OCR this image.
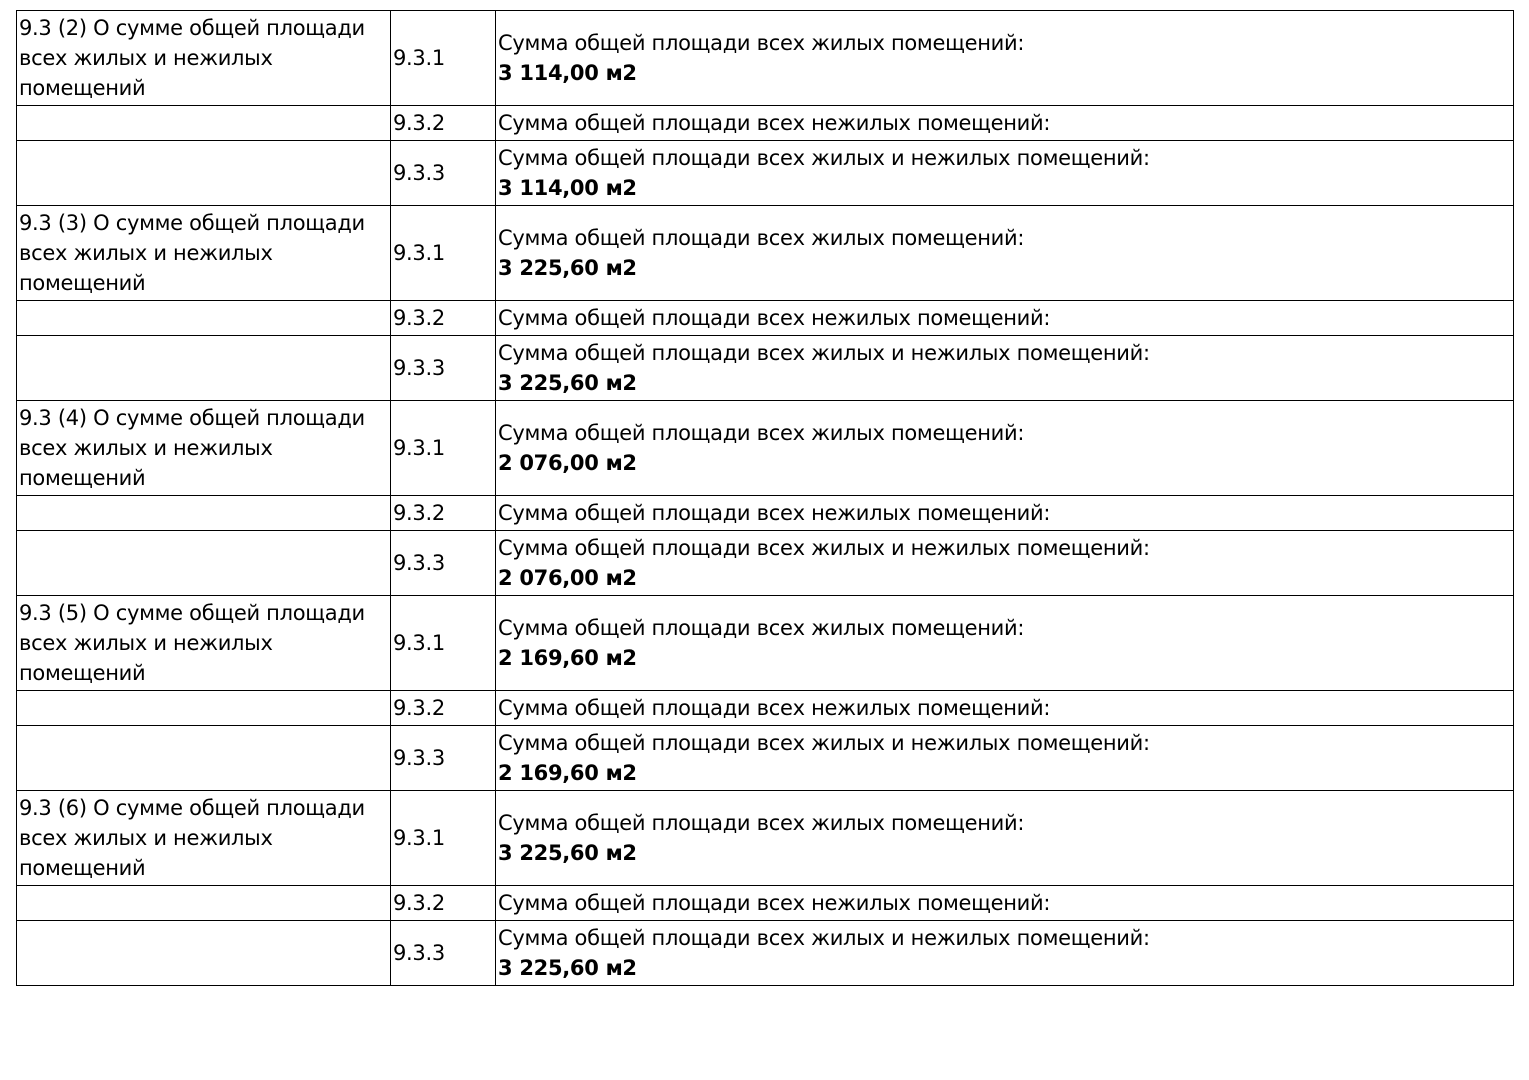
9.3 (2) О сумме общей площади всех жилых и нежилых помещений	9.3.1	Сумма общей площади всех жилых помещений:
3 114,00 м2

	9.3.2	Сумма общей площади всех нежилых помещений:

	9.3.3	Сумма общей площади всех жилых и нежилых помещений:
3 114,00 м2

9.3 (3) О сумме общей площади всех жилых и нежилых помещений	9.3.1	Сумма общей площади всех жилых помещений:
3 225,60 м2

	9.3.2	Сумма общей площади всех нежилых помещений:

	9.3.3	Сумма общей площади всех жилых и нежилых помещений:
3 225,60 м2

9.3 (4) О сумме общей площади всех жилых и нежилых помещений	9.3.1	Сумма общей площади всех жилых помещений:
2 076,00 м2

	9.3.2	Сумма общей площади всех нежилых помещений:

	9.3.3	Сумма общей площади всех жилых и нежилых помещений:
2 076,00 м2

9.3 (5) О сумме общей площади всех жилых и нежилых помещений	9.3.1	Сумма общей площади всех жилых помещений:
2 169,60 м2

	9.3.2	Сумма общей площади всех нежилых помещений:

	9.3.3	Сумма общей площади всех жилых и нежилых помещений:
2 169,60 м2

9.3 (6) О сумме общей площади всех жилых и нежилых помещений	9.3.1	Сумма общей площади всех жилых помещений:
3 225,60 м2

	9.3.2	Сумма общей площади всех нежилых помещений:

	9.3.3	Сумма общей площади всех жилых и нежилых помещений:
3 225,60 м2
